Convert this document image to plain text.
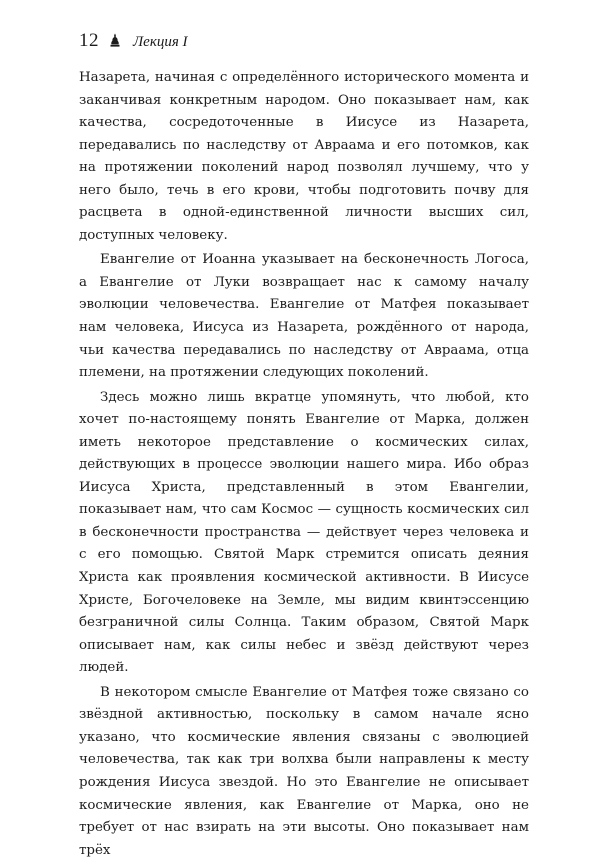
12 Лекция I

Назарета, начиная с определённого исторического момента и заканчивая конкретным народом. Оно показывает нам, как качества, сосредоточенные в Иисусе из Назарета, передавались по наследству от Авраама и его потомков, как на протяжении поколений народ позволял лучшему, что у него было, течь в его крови, чтобы подготовить почву для расцвета в одной-единственной личности высших сил, доступных человеку.

Евангелие от Иоанна указывает на бесконечность Логоса, а Евангелие от Луки возвращает нас к самому началу эволюции человечества. Евангелие от Матфея показывает нам человека, Иисуса из Назарета, рождённого от народа, чьи качества передавались по наследству от Авраама, отца племени, на протяжении следующих поколений.

Здесь можно лишь вкратце упомянуть, что любой, кто хочет по-настоящему понять Евангелие от Марка, должен иметь некоторое представление о космических силах, действующих в процессе эволюции нашего мира. Ибо образ Иисуса Христа, представленный в этом Евангелии, показывает нам, что сам Космос — сущность космических сил в бесконечности пространства — действует через человека и с его помощью. Святой Марк стремится описать деяния Христа как проявления космической активности. В Иисусе Христе, Богочеловеке на Земле, мы видим квинтэссенцию безграничной силы Солнца. Таким образом, Святой Марк описывает нам, как силы небес и звёзд действуют через людей.

В некотором смысле Евангелие от Матфея тоже связано со звёздной активностью, поскольку в самом начале ясно указано, что космические явления связаны с эволюцией человечества, так как три волхва были направлены к месту рождения Иисуса звездой. Но это Евангелие не описывает космические явления, как Евангелие от Марка, оно не требует от нас взирать на эти высоты. Оно показывает нам трёх
